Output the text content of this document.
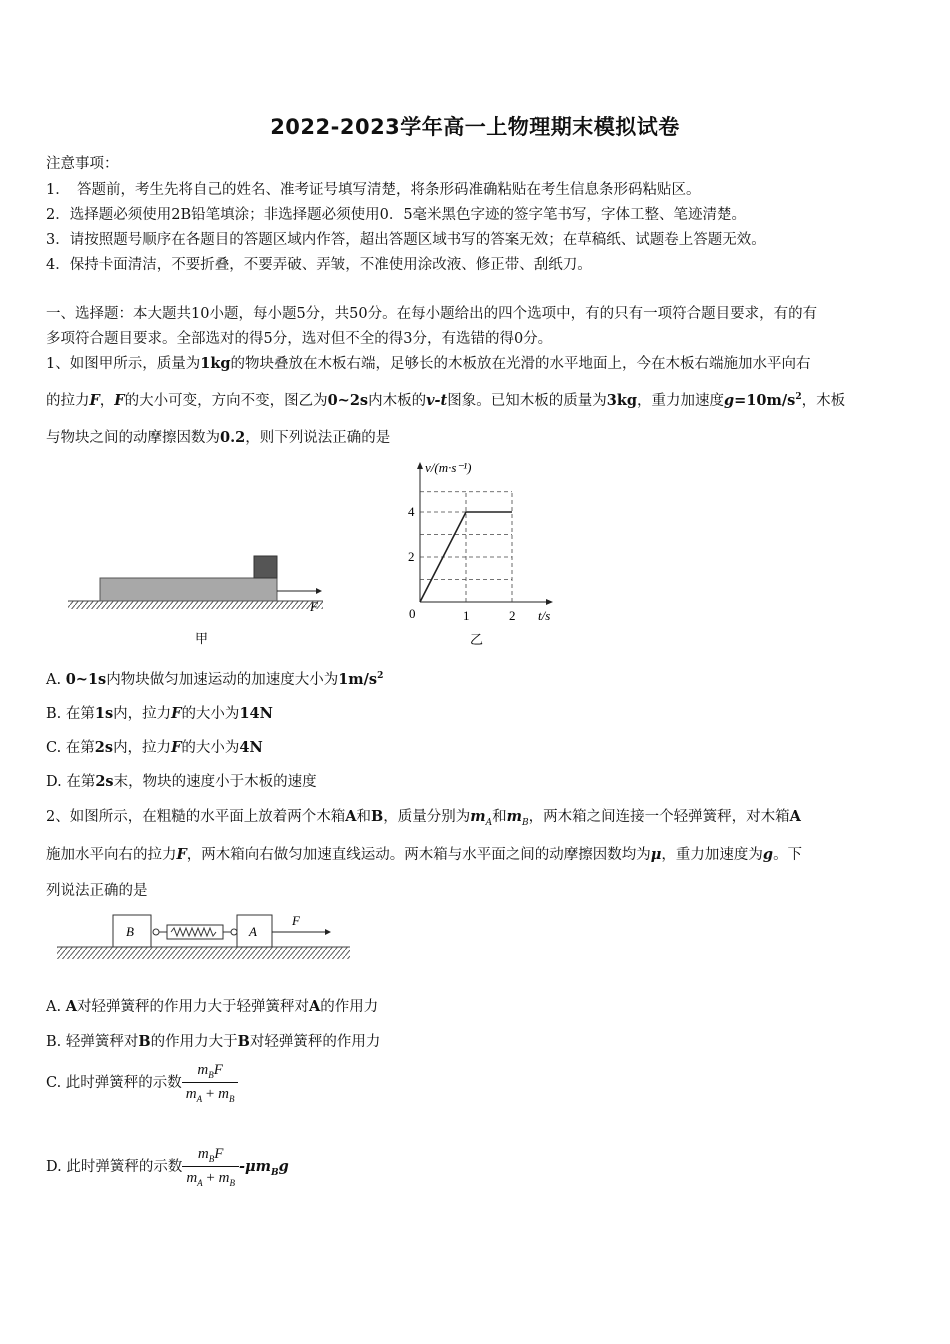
2022-2023学年高一上物理期末模拟试卷
注意事项：
1．　答题前，考生先将自己的姓名、准考证号填写清楚，将条形码准确粘贴在考生信息条形码粘贴区。
2．选择题必须使用2B铅笔填涂；非选择题必须使用0．5毫米黑色字迹的签字笔书写，字体工整、笔迹清楚。
3．请按照题号顺序在各题目的答题区域内作答，超出答题区域书写的答案无效；在草稿纸、试题卷上答题无效。
4．保持卡面清洁，不要折叠，不要弄破、弄皱，不准使用涂改液、修正带、刮纸刀。
一、选择题：本大题共10小题，每小题5分，共50分。在每小题给出的四个选项中，有的只有一项符合题目要求，有的有
多项符合题目要求。全部选对的得5分，选对但不全的得3分，有选错的得0分。
1、如图甲所示，质量为1kg的物块叠放在木板右端，足够长的木板放在光滑的水平地面上，今在木板右端施加水平向右
的拉力F，F的大小可变，方向不变，图乙为0~2s内木板的v-t图象。已知木板的质量为3kg，重力加速度$g=10m/s^2$，木板
与物块之间的动摩擦因数为0.2，则下列说法正确的是
F
甲
2
4
1	2
v/(m·s⁻¹)
t/s
0
乙
A. 0~1s内物块做匀加速运动的加速度大小为$1m/s^2$
B. 在第1s内，拉力F的大小为14N
C. 在第2s内，拉力F的大小为4N
D. 在第2s末，物块的速度小于木板的速度
2、如图所示，在粗糙的水平面上放着两个木箱A和B，质量分别为$m_A$和$m_B$，两木箱之间连接一个轻弹簧秤，对木箱A
施加水平向右的拉力F，两木箱向右做匀加速直线运动。两木箱与水平面之间的动摩擦因数均为μ，重力加速度为g。下
列说法正确的是
B	A
F
A. A对轻弹簧秤的作用力大于轻弹簧秤对A的作用力
B. 轻弹簧秤对B的作用力大于B对轻弹簧秤的作用力
C. 此时弹簧秤的示数 $\frac{m_BF}{m_A + m_B}$
D. 此时弹簧秤的示数 $\frac{m_BF}{m_A + m_B} -\mu m_Bg$
